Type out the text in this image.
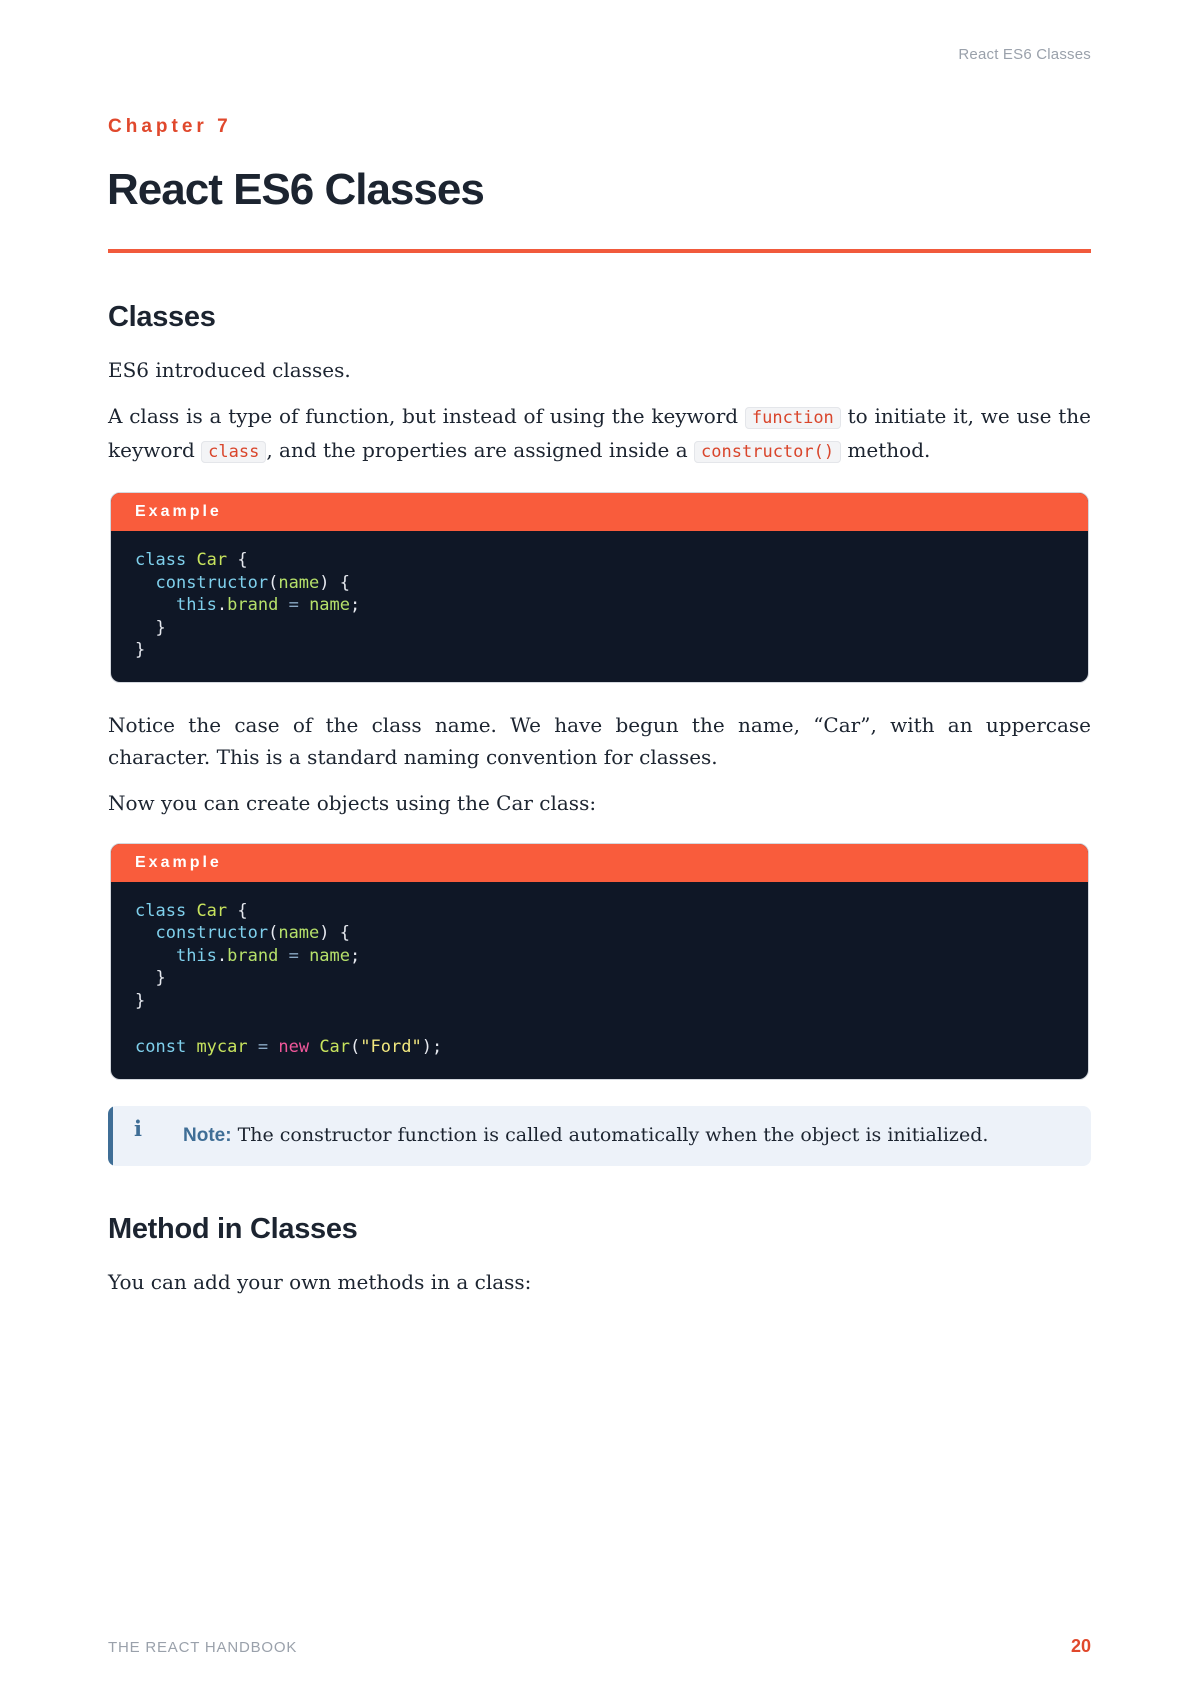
React ES6 Classes
Chapter 7
React ES6 Classes
Classes

ES6 introduced classes.

A class is a type of function, but instead of using the keyword function to initiate it, we use the keyword class , and the properties are assigned inside a constructor() method.

Example
class Car {
constructor(name) {
this.brand = name;
}
}

Notice the case of the class name. We have begun the name, “Car”, with an uppercase character. This is a standard naming convention for classes.

Now you can create objects using the Car class:

Example
class Car {
constructor(name) {
this.brand = name;
}
}
const mycar = new Car("Ford");
i Note: The constructor function is called automatically when the object is initialized.
Method in Classes

You can add your own methods in a class:

THE REACT HANDBOOK	20
